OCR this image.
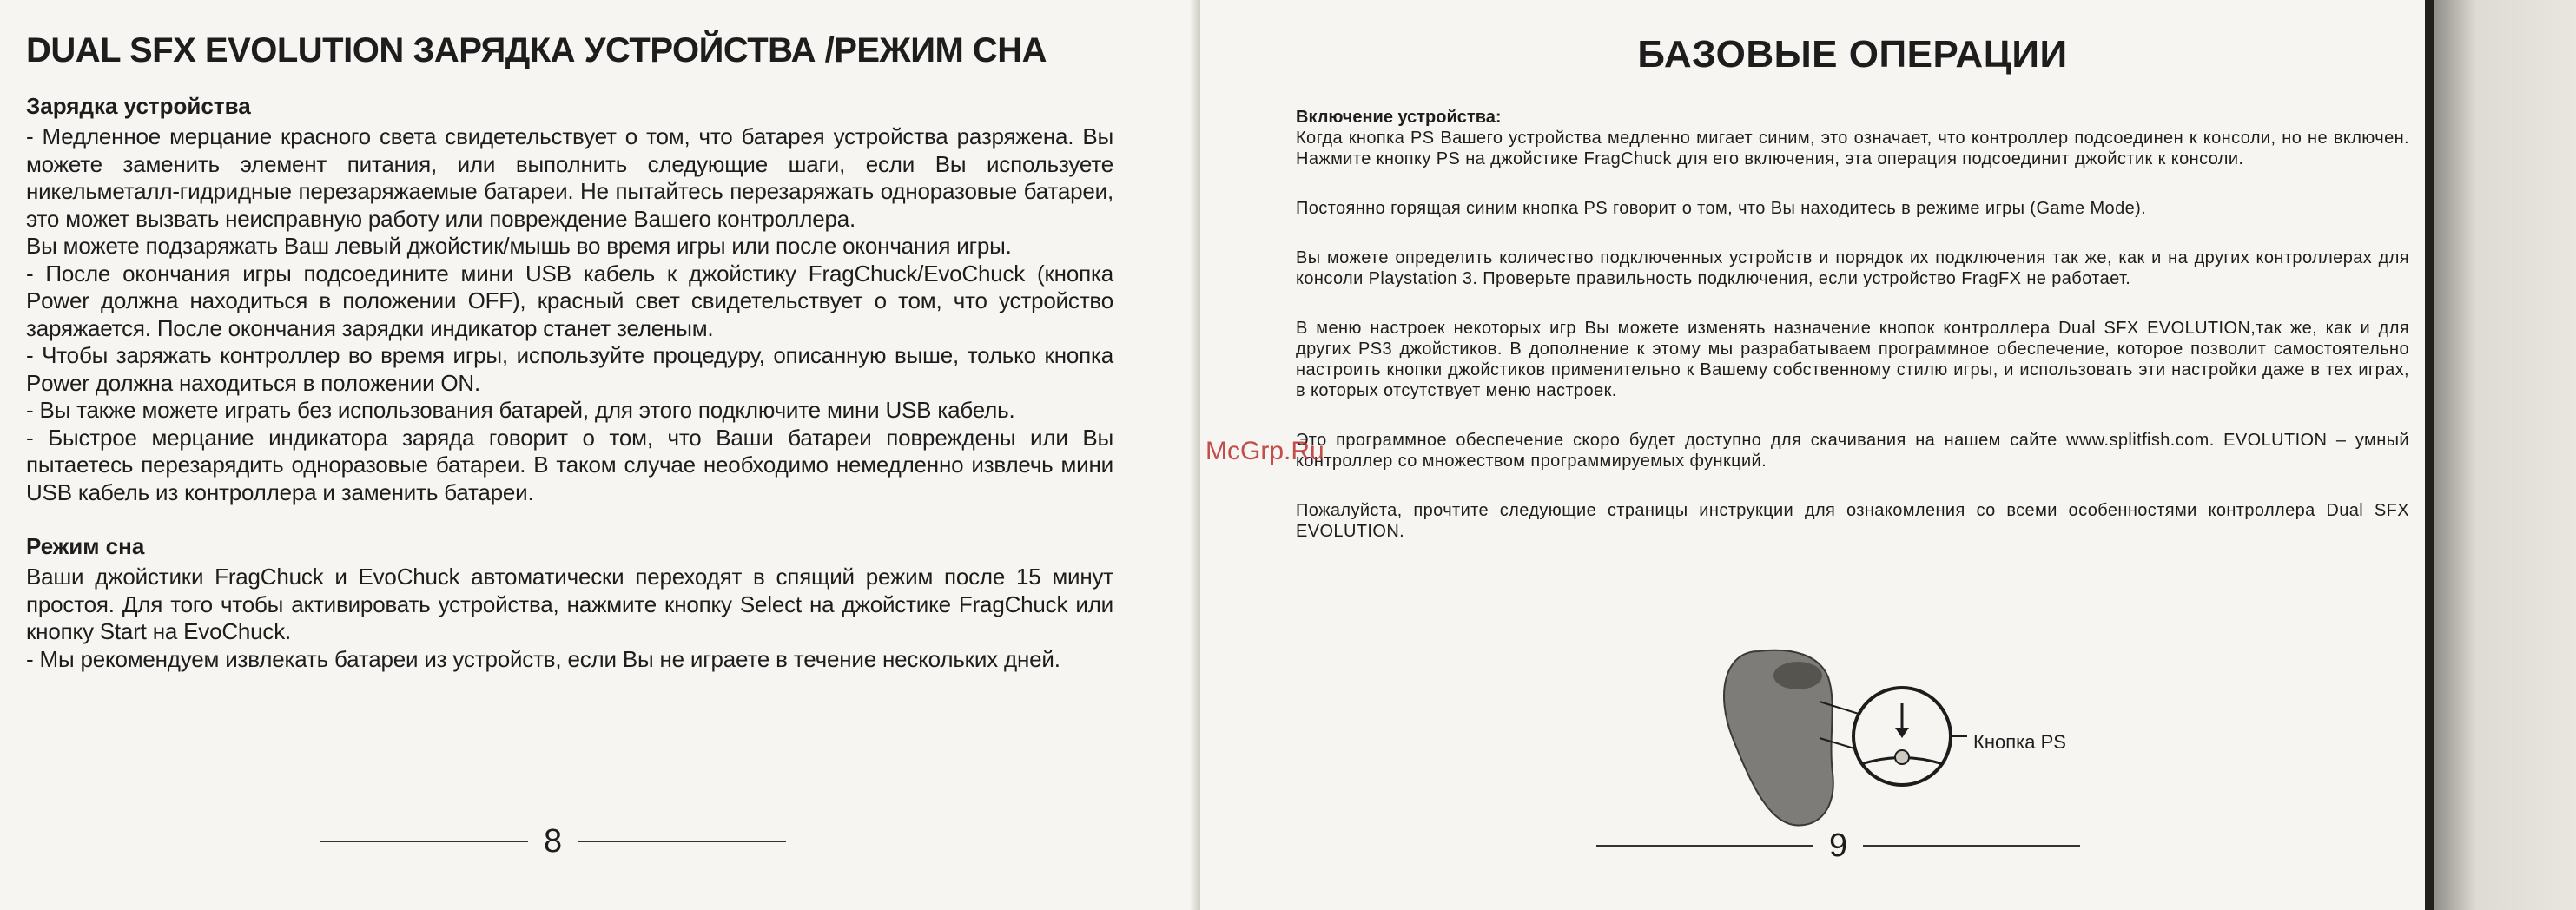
DUAL SFX EVOLUTION ЗАРЯДКА УСТРОЙСТВА /РЕЖИМ СНА
Зарядка устройства

- Медленное мерцание красного света свидетельствует о том, что батарея устройства разряжена. Вы можете заменить элемент питания, или выполнить следующие шаги, если Вы используете никельметалл-гидридные перезаряжаемые батареи. Не пытайтесь перезаряжать одноразовые батареи, это может вызвать неисправную работу или повреждение Вашего контроллера.

Вы можете подзаряжать Ваш левый джойстик/мышь во время игры или после окончания игры.

- После окончания игры подсоедините мини USB кабель к джойстику FragChuck/EvoChuck (кнопка Power должна находиться в положении OFF), красный свет свидетельствует о том, что устройство заряжается. После окончания зарядки индикатор станет зеленым.

- Чтобы заряжать контроллер во время игры, используйте процедуру, описанную выше, только кнопка Power должна находиться в положении ON.

- Вы также можете играть без использования батарей, для этого подключите мини USB кабель.

- Быстрое мерцание индикатора заряда говорит о том, что Ваши батареи повреждены или Вы пытаетесь перезарядить одноразовые батареи. В таком случае необходимо немедленно извлечь мини USB кабель из контроллера и заменить батареи.

Режим сна

Ваши джойстики FragChuck и EvoChuck автоматически переходят в спящий режим после 15 минут простоя. Для того чтобы активировать устройства, нажмите кнопку Select на джойстике FragChuck или кнопку Start на EvoChuck.

- Мы рекомендуем извлекать батареи из устройств, если Вы не играете в течение нескольких дней.

8
БАЗОВЫЕ ОПЕРАЦИИ
Включение устройства:

Когда кнопка PS Вашего устройства медленно мигает синим, это означает, что контроллер подсоединен к консоли, но не включен. Нажмите кнопку PS на джойстике FragChuck для его включения, эта операция подсоединит джойстик к консоли.

Постоянно горящая синим кнопка PS говорит о том, что Вы находитесь в режиме игры (Game Mode).

Вы можете определить количество подключенных устройств и порядок их подключения так же, как и на других контроллерах для консоли Playstation 3. Проверьте правильность подключения, если устройство FragFX не работает.

В меню настроек некоторых игр Вы можете изменять назначение кнопок контроллера Dual SFX EVOLUTION,так же, как и для других PS3 джойстиков. В дополнение к этому мы разрабатываем программное обеспечение, которое позволит самостоятельно настроить кнопки джойстиков применительно к Вашему собственному стилю игры, и использовать эти настройки даже в тех играх, в которых отсутствует меню настроек.

Это программное обеспечение скоро будет доступно для скачивания на нашем сайте www.splitfish.com. EVOLUTION – умный контроллер со множеством программируемых функций.

Пожалуйста, прочтите следующие страницы инструкции для ознакомления со всеми особенностями контроллера Dual SFX EVOLUTION.

Кнопка PS
9
McGrp.Ru
